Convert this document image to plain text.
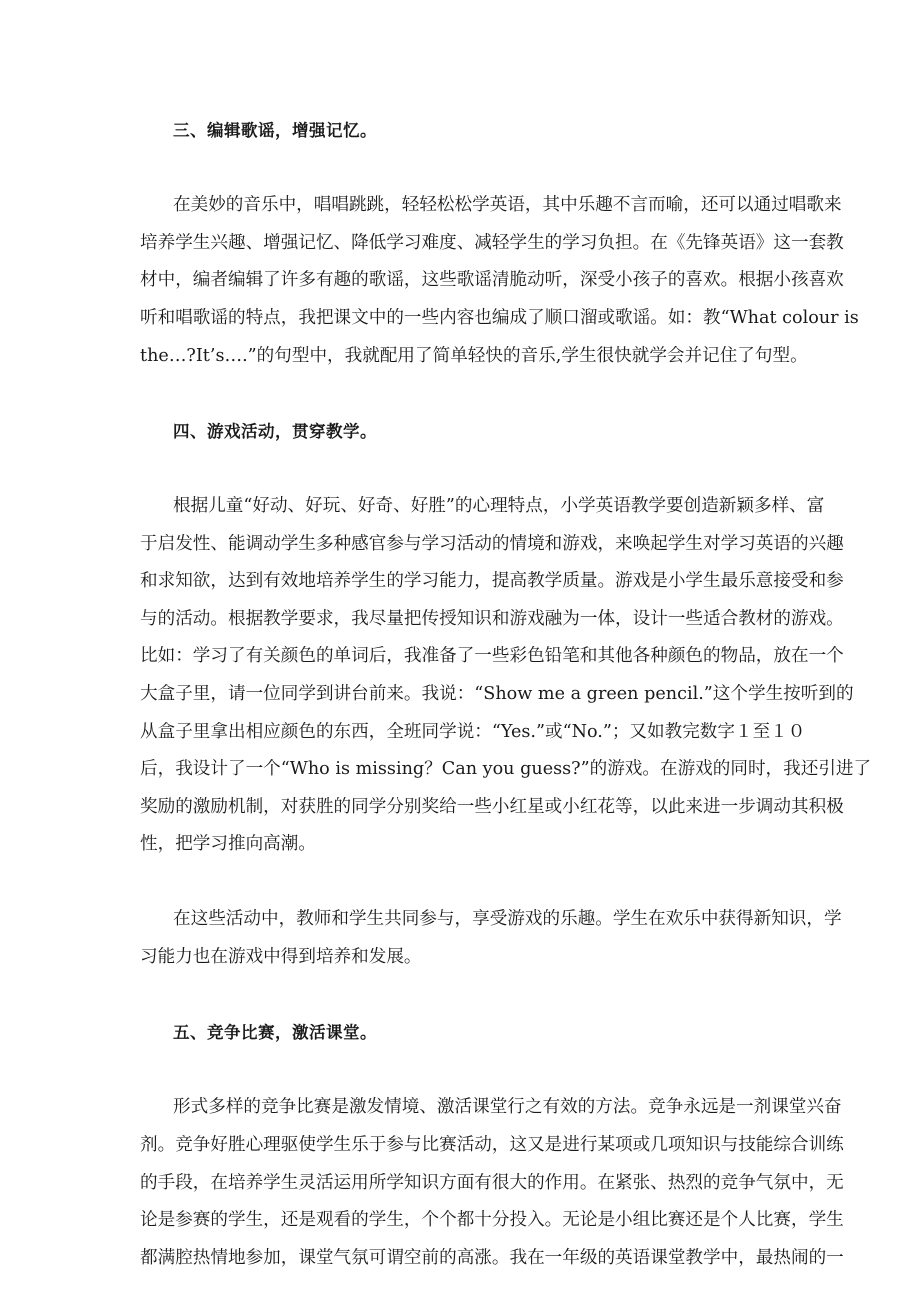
三、编辑歌谣，增强记忆。
在美妙的音乐中，唱唱跳跳，轻轻松松学英语，其中乐趣不言而喻，还可以通过唱歌来
培养学生兴趣、增强记忆、降低学习难度、减轻学生的学习负担。在《先锋英语》这一套教
材中，编者编辑了许多有趣的歌谣，这些歌谣清脆动听，深受小孩子的喜欢。根据小孩喜欢
听和唱歌谣的特点，我把课文中的一些内容也编成了顺口溜或歌谣。如：教“What colour is
the…?It’s….”的句型中，我就配用了简单轻快的音乐,学生很快就学会并记住了句型。
四、游戏活动，贯穿教学。
根据儿童“好动、好玩、好奇、好胜”的心理特点，小学英语教学要创造新颖多样、富
于启发性、能调动学生多种感官参与学习活动的情境和游戏，来唤起学生对学习英语的兴趣
和求知欲，达到有效地培养学生的学习能力，提高教学质量。游戏是小学生最乐意接受和参
与的活动。根据教学要求，我尽量把传授知识和游戏融为一体，设计一些适合教材的游戏。
比如：学习了有关颜色的单词后，我准备了一些彩色铅笔和其他各种颜色的物品，放在一个
大盒子里，请一位同学到讲台前来。我说：“Show me a green pencil.”这个学生按听到的
从盒子里拿出相应颜色的东西，全班同学说：“Yes.”或“No.”；又如教完数字１至１０
后，我设计了一个“Who is missing？Can you guess?”的游戏。在游戏的同时，我还引进了
奖励的激励机制，对获胜的同学分别奖给一些小红星或小红花等，以此来进一步调动其积极
性，把学习推向高潮。
在这些活动中，教师和学生共同参与，享受游戏的乐趣。学生在欢乐中获得新知识，学
习能力也在游戏中得到培养和发展。
五、竞争比赛，激活课堂。
形式多样的竞争比赛是激发情境、激活课堂行之有效的方法。竞争永远是一剂课堂兴奋
剂。竞争好胜心理驱使学生乐于参与比赛活动，这又是进行某项或几项知识与技能综合训练
的手段，在培养学生灵活运用所学知识方面有很大的作用。在紧张、热烈的竞争气氛中，无
论是参赛的学生，还是观看的学生，个个都十分投入。无论是小组比赛还是个人比赛，学生
都满腔热情地参加，课堂气氛可谓空前的高涨。我在一年级的英语课堂教学中，最热闹的一
